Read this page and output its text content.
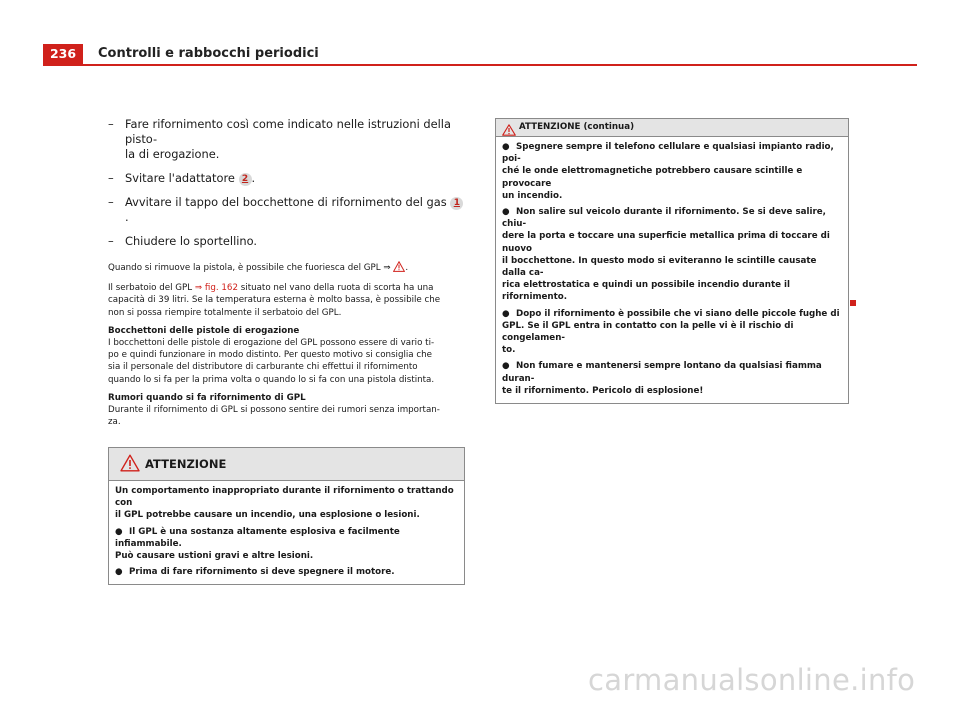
236	Controlli e rabbocchi periodici
– Fare rifornimento così come indicato nelle istruzioni della pisto-
la di erogazione.
– Svitare l'adattatore 2 .
– Avvitare il tappo del bocchettone di rifornimento del gas 1.
– Chiudere lo sportellino.

Quando si rimuove la pistola, è possibile che fuoriesca del GPL ⇒ .

Il serbatoio del GPL ⇒ fig. 162 situato nel vano della ruota di scorta ha una
capacità di 39 litri. Se la temperatura esterna è molto bassa, è possibile che
non si possa riempire totalmente il serbatoio del GPL.

Bocchettoni delle pistole di erogazione

I bocchettoni delle pistole di erogazione del GPL possono essere di vario ti-
po e quindi funzionare in modo distinto. Per questo motivo si consiglia che
sia il personale del distributore di carburante chi effettui il rifornimento
quando lo si fa per la prima volta o quando lo si fa con una pistola distinta.

Rumori quando si fa rifornimento di GPL

Durante il rifornimento di GPL si possono sentire dei rumori senza importan-
za.

ATTENZIONE

Un comportamento inappropriato durante il rifornimento o trattando con
il GPL potrebbe causare un incendio, una esplosione o lesioni.

● Il GPL è una sostanza altamente esplosiva e facilmente infiammabile.
Può causare ustioni gravi e altre lesioni.

● Prima di fare rifornimento si deve spegnere il motore.

ATTENZIONE (continua)

● Spegnere sempre il telefono cellulare e qualsiasi impianto radio, poi-
ché le onde elettromagnetiche potrebbero causare scintille e provocare
un incendio.

● Non salire sul veicolo durante il rifornimento. Se si deve salire, chiu-
dere la porta e toccare una superficie metallica prima di toccare di nuovo
il bocchettone. In questo modo si eviteranno le scintille causate dalla ca-
rica elettrostatica e quindi un possibile incendio durante il rifornimento.

● Dopo il rifornimento è possibile che vi siano delle piccole fughe di
GPL. Se il GPL entra in contatto con la pelle vi è il rischio di congelamen-
to.

● Non fumare e mantenersi sempre lontano da qualsiasi fiamma duran-
te il rifornimento. Pericolo di esplosione!

carmanualsonline.info
